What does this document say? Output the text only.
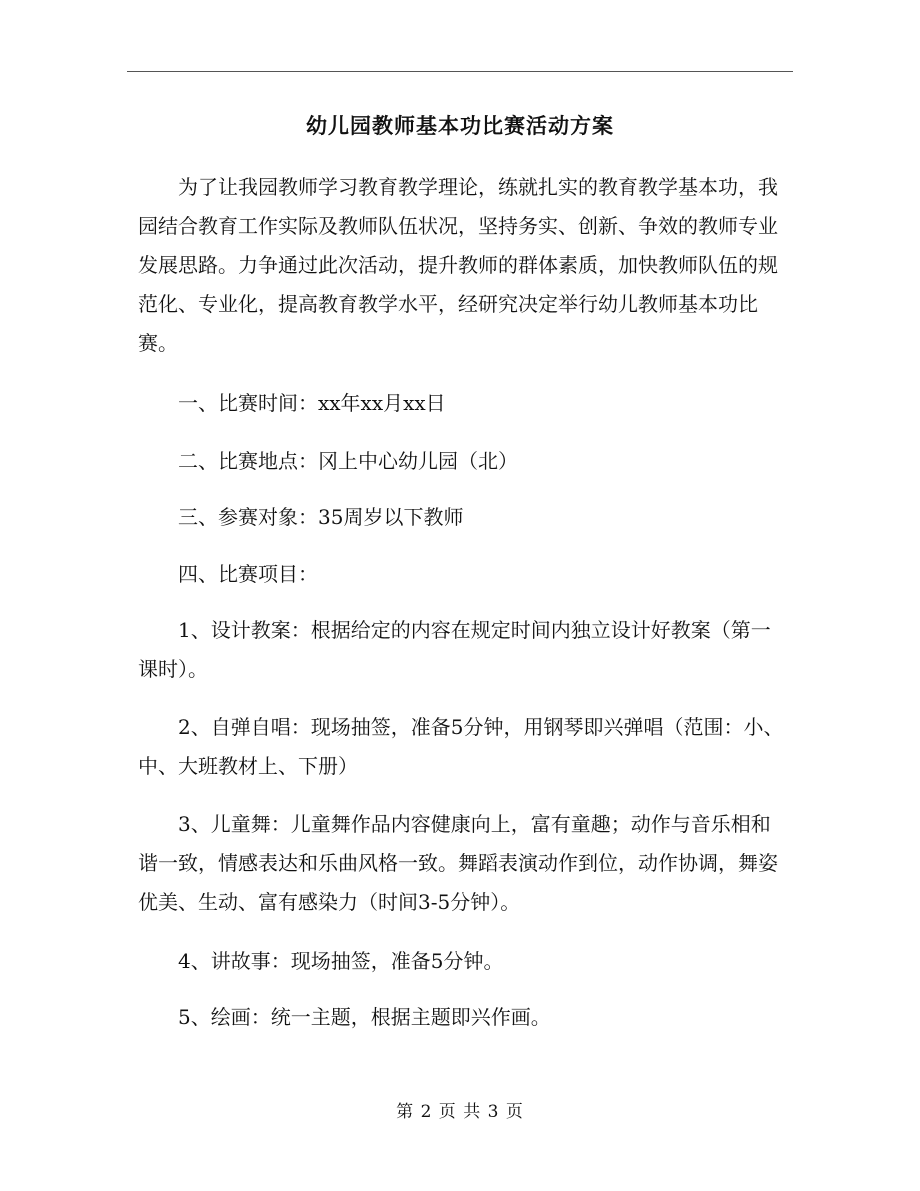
幼儿园教师基本功比赛活动方案

为了让我园教师学习教育教学理论，练就扎实的教育教学基本功，我园结合教育工作实际及教师队伍状况，坚持务实、创新、争效的教师专业发展思路。力争通过此次活动，提升教师的群体素质，加快教师队伍的规范化、专业化，提高教育教学水平，经研究决定举行幼儿教师基本功比赛。

一、比赛时间：xx年xx月xx日

二、比赛地点：冈上中心幼儿园（北）

三、参赛对象：35周岁以下教师

四、比赛项目：

1、设计教案：根据给定的内容在规定时间内独立设计好教案（第一课时）。

2、自弹自唱：现场抽签，准备5分钟，用钢琴即兴弹唱（范围：小、中、大班教材上、下册）

3、儿童舞：儿童舞作品内容健康向上，富有童趣；动作与音乐相和谐一致，情感表达和乐曲风格一致。舞蹈表演动作到位，动作协调，舞姿优美、生动、富有感染力（时间3-5分钟）。

4、讲故事：现场抽签，准备5分钟。

5、绘画：统一主题，根据主题即兴作画。

第 2 页 共 3 页
